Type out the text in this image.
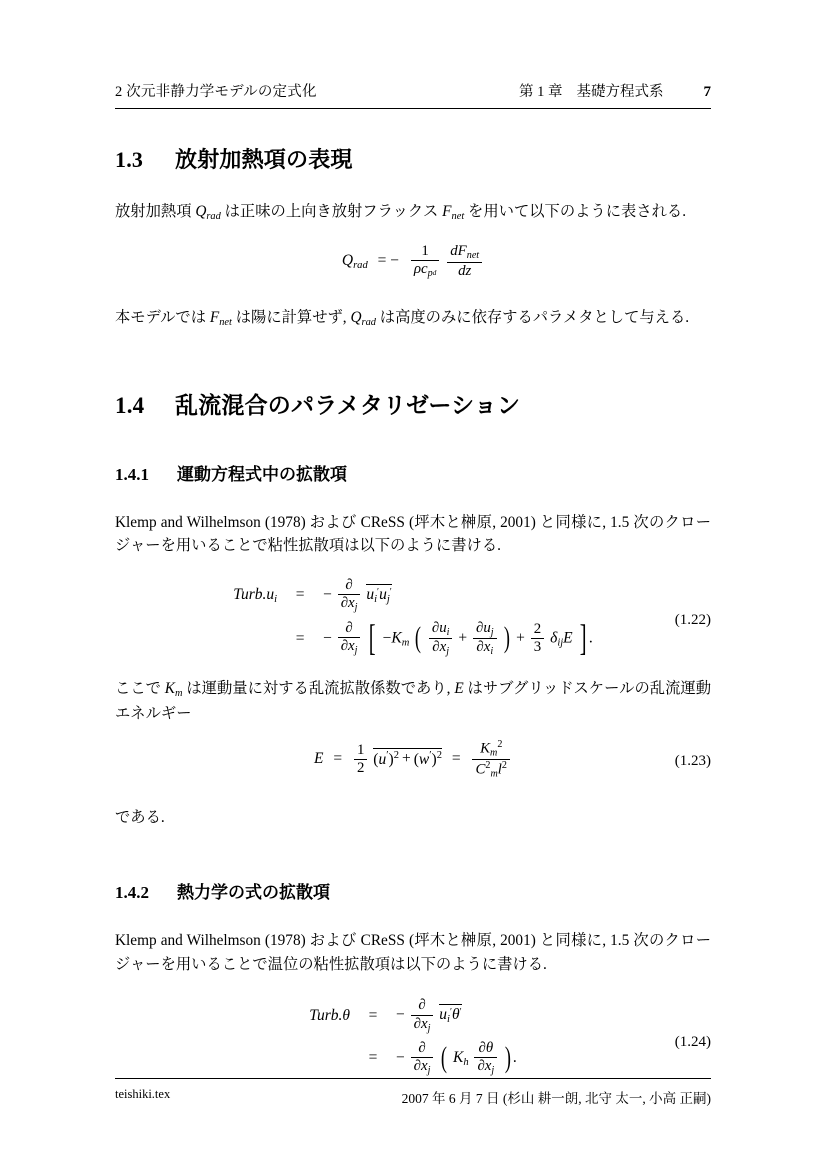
2 次元非静力学モデルの定式化	第 1 章 基礎方程式系	7
1.3 放射加熱項の表現

放射加熱項 $Q_{rad}$ は正味の上向き放射フラックス $F_{net}$ を用いて以下のように表される.

$Q_{rad}$ = − $\frac{1}{\rho c_{pd}}$
$\frac{dF_{net}}{dz}$

本モデルでは $F_{net}$ は陽に計算せず, $Q_{rad}$ は高度のみに依存するパラメタとして与える.

1.4 乱流混合のパラメタリゼーション
1.4.1 運動方程式中の拡散項

Klemp and Wilhelmson (1978) および CReSS (坪木と榊原, 2001) と同様に, 1.5 次のクロージャーを用いることで粘性拡散項は以下のように書ける.

$Turb.u_i$	=	− $\frac{\partial}{\partial x_j} u_i'u_j'$
	=	− $\frac{\partial}{\partial x_j}$ [ $-K_m$ ( $\frac{\partial u_i}{\partial x_j} + \frac{\partial u_j}{\partial x_i}$ ) + $\frac{2}{3} \delta_{ij}E$ ] .
(1.22)

ここで $K_m$ は運動量に対する乱流拡散係数であり, E はサブグリッドスケールの乱流運動エネルギー

$E = \frac{1}{2} (u')^2 + (w')^2 = \frac{K_m^2}{C^2_ml^2}$	(1.23)

である.

1.4.2 熱力学の式の拡散項

Klemp and Wilhelmson (1978) および CReSS (坪木と榊原, 2001) と同様に, 1.5 次のクロージャーを用いることで温位の粘性拡散項は以下のように書ける.

Turb.θ	=	− $\frac{\partial}{\partial x_j} u_i'\theta'$
	=	− $\frac{\partial}{\partial x_j}$ ( $K_h \frac{\partial\theta}{\partial x_j}$ ) .
(1.24)
teishiki.tex	2007 年 6 月 7 日 (杉山 耕一朗, 北守 太一, 小高 正嗣)
